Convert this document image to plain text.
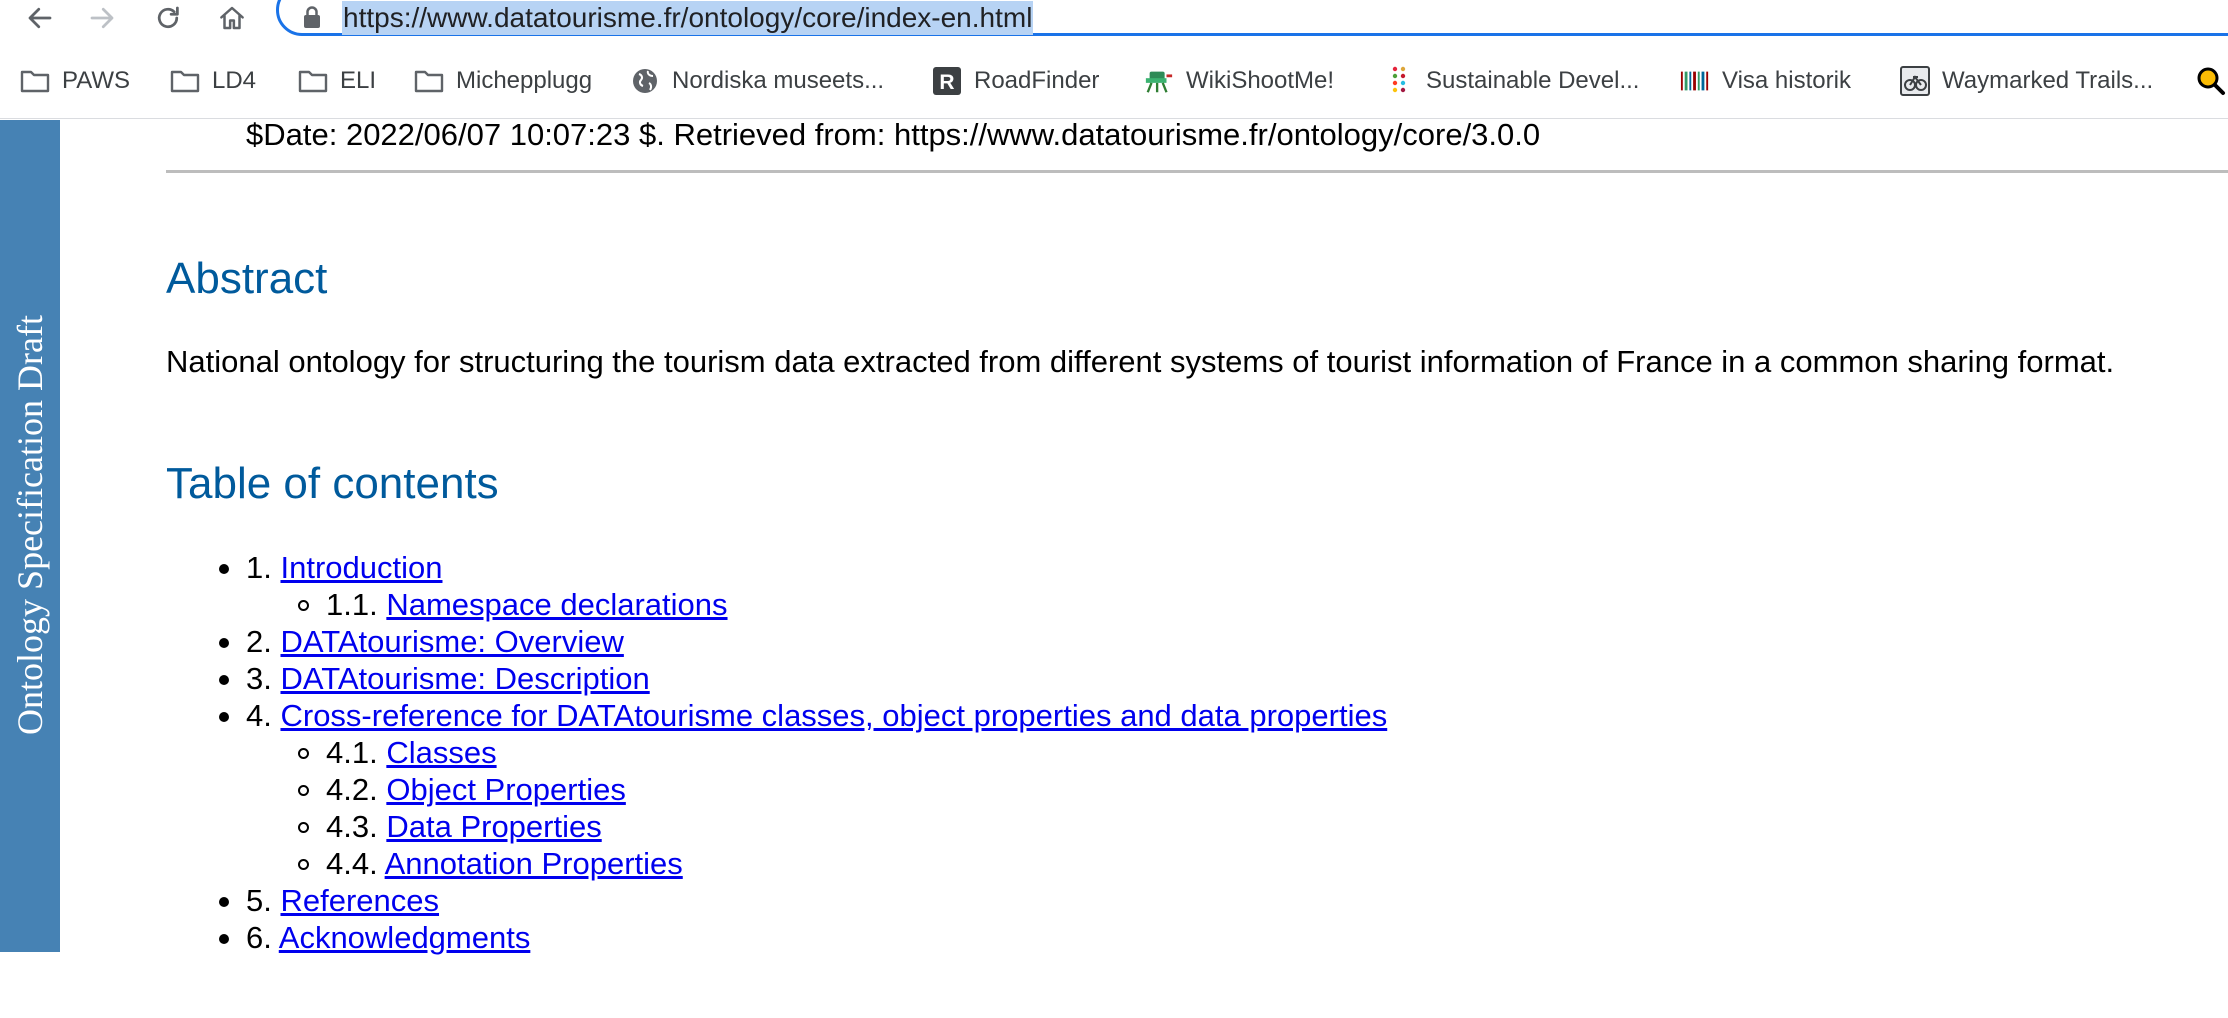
https://www.datatourisme.fr/ontology/core/index-en.html
PAWS	LD4	ELI	Michepplugg	Nordiska museets...	R RoadFinder	WikiShootMe!	Sustainable Devel...	Visa historik	Waymarked Trails...
Ontology Specification Draft
$Date: 2022/06/07 10:07:23 $. Retrieved from: https://www.datatourisme.fr/ontology/core/3.0.0
Abstract

National ontology for structuring the tourism data extracted from different systems of tourist information of France in a common sharing format.

Table of contents
1. Introduction
1.1. Namespace declarations
2. DATAtourisme: Overview
3. DATAtourisme: Description
4. Cross-reference for DATAtourisme classes, object properties and data properties
4.1. Classes
4.2. Object Properties
4.3. Data Properties
4.4. Annotation Properties
5. References
6. Acknowledgments
